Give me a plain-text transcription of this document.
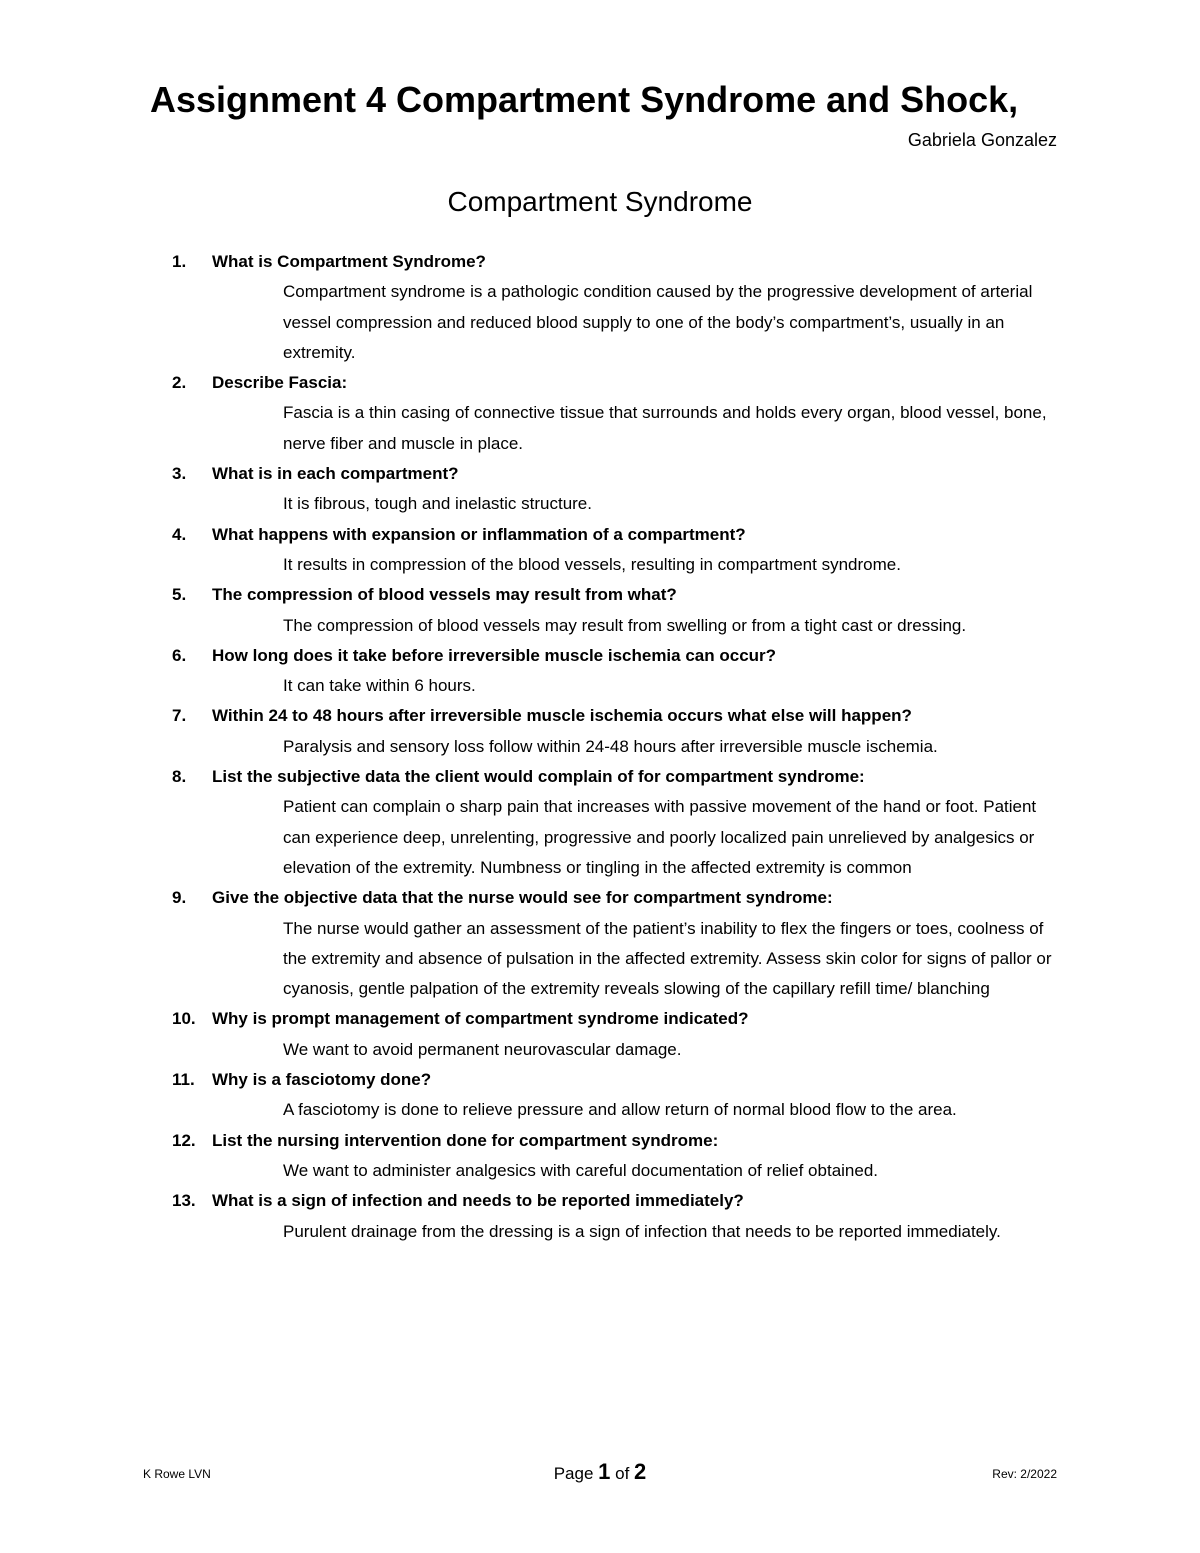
Assignment 4 Compartment Syndrome and Shock,
Gabriela Gonzalez
Compartment Syndrome
1.	What is Compartment Syndrome?

Compartment syndrome is a pathologic condition caused by the progressive development of arterial vessel compression and reduced blood supply to one of the body’s compartment’s, usually in an extremity.

2.	Describe Fascia:

Fascia is a thin casing of connective tissue that surrounds and holds every organ, blood vessel, bone, nerve fiber and muscle in place.

3.	What is in each compartment?

It is fibrous, tough and inelastic structure.

4.	What happens with expansion or inflammation of a compartment?

It results in compression of the blood vessels, resulting in compartment syndrome.

5.	The compression of blood vessels may result from what?

The compression of blood vessels may result from swelling or from a tight cast or dressing.

6.	How long does it take before irreversible muscle ischemia can occur?

It can take within 6 hours.

7.	Within 24 to 48 hours after irreversible muscle ischemia occurs what else will happen?

Paralysis and sensory loss follow within 24-48 hours after irreversible muscle ischemia.

8.	List the subjective data the client would complain of for compartment syndrome:

Patient can complain o sharp pain that increases with passive movement of the hand or foot. Patient can experience deep, unrelenting, progressive and poorly localized pain unrelieved by analgesics or elevation of the extremity. Numbness or tingling in the affected extremity is common

9.	Give the objective data that the nurse would see for compartment syndrome:

The nurse would gather an assessment of the patient’s inability to flex the fingers or toes, coolness of the extremity and absence of pulsation in the affected extremity. Assess skin color for signs of pallor or cyanosis, gentle palpation of the extremity reveals slowing of the capillary refill time/ blanching

10. Why is prompt management of compartment syndrome indicated?

We want to avoid permanent neurovascular damage.

11.	Why is a fasciotomy done?

A fasciotomy is done to relieve pressure and allow return of normal blood flow to the area.

12. List the nursing intervention done for compartment syndrome:

We want to administer analgesics with careful documentation of relief obtained.

13. What is a sign of infection and needs to be reported immediately?

Purulent drainage from the dressing is a sign of infection that needs to be reported immediately.

K Rowe LVN	Page 1 of 2	Rev: 2/2022
